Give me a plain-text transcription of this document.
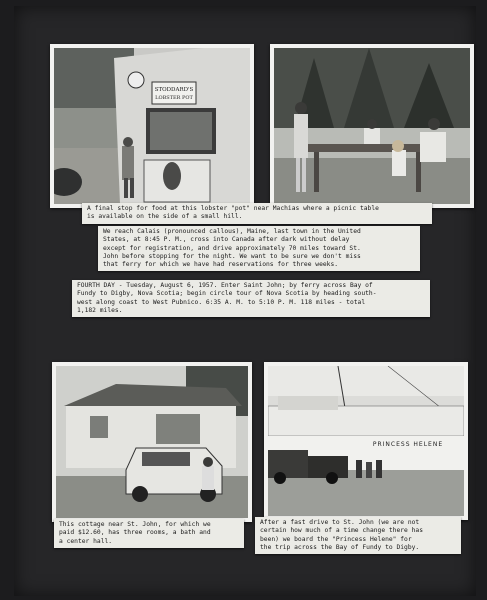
STODDARD'S
LOBSTER POT
A final stop for food at this lobster "pot" near Machias where a picnic table
is available on the side of a small hill.
We reach Calais (pronounced callous), Maine, last town in the United
States, at 8:45 P. M., cross into Canada after dark without delay
except for registration, and drive approximately 70 miles toward St.
John before stopping for the night. We want to be sure we don't miss
that ferry for which we have had reservations for three weeks.
FOURTH DAY - Tuesday, August 6, 1957. Enter Saint John; by ferry across Bay of
Fundy to Digby, Nova Scotia; begin circle tour of Nova Scotia by heading south-
west along coast to West Pubnico. 6:35 A. M. to 5:10 P. M. 118 miles - total
1,182 miles.
PRINCESS HELENE
This cottage near St. John, for which we
paid $12.60, has three rooms, a bath and
a center hall.
After a fast drive to St. John (we are not
certain how much of a time change there has
been) we board the "Princess Helene" for
the trip across the Bay of Fundy to Digby.
